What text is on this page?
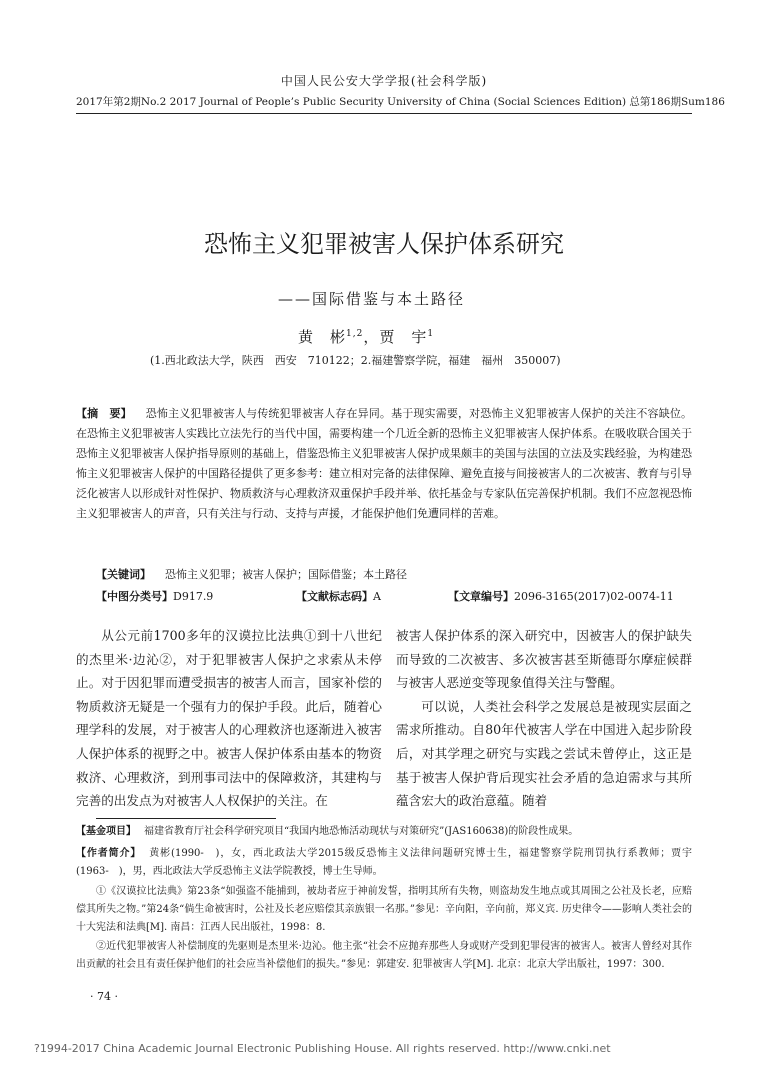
中国人民公安大学学报(社会科学版)
2017年第2期No.2 2017 Journal of People’s Public Security University of China (Social Sciences Edition) 总第186期Sum186
恐怖主义犯罪被害人保护体系研究
——国际借鉴与本土路径
黄　彬$^{1,2}$，贾　宇$^1$
(1.西北政法大学，陕西　西安　710122；2.福建警察学院，福建　福州　350007)
【摘　要】 恐怖主义犯罪被害人与传统犯罪被害人存在异同。基于现实需要，对恐怖主义犯罪被害人保护的关注不容缺位。在恐怖主义犯罪被害人实践比立法先行的当代中国，需要构建一个几近全新的恐怖主义犯罪被害人保护体系。在吸收联合国关于恐怖主义犯罪被害人保护指导原则的基础上，借鉴恐怖主义犯罪被害人保护成果颇丰的美国与法国的立法及实践经验，为构建恐怖主义犯罪被害人保护的中国路径提供了更多参考：建立相对完备的法律保障、避免直接与间接被害人的二次被害、教育与引导泛化被害人以形成针对性保护、物质救济与心理救济双重保护手段并举、依托基金与专家队伍完善保护机制。我们不应忽视恐怖主义犯罪被害人的声音，只有关注与行动、支持与声援，才能保护他们免遭同样的苦难。
【关键词】 恐怖主义犯罪；被害人保护；国际借鉴；本土路径
【中图分类号】D917.9	【文献标志码】A	【文章编号】2096-3165(2017)02-0074-11

从公元前1700多年的汉谟拉比法典①到十八世纪的杰里米·边沁②，对于犯罪被害人保护之求索从未停止。对于因犯罪而遭受损害的被害人而言，国家补偿的物质救济无疑是一个强有力的保护手段。此后，随着心理学科的发展，对于被害人的心理救济也逐渐进入被害人保护体系的视野之中。被害人保护体系由基本的物资救济、心理救济，到刑事司法中的保障救济，其建构与完善的出发点为对被害人人权保护的关注。在

被害人保护体系的深入研究中，因被害人的保护缺失而导致的二次被害、多次被害甚至斯德哥尔摩症候群与被害人恶逆变等现象值得关注与警醒。

可以说，人类社会科学之发展总是被现实层面之需求所推动。自80年代被害人学在中国进入起步阶段后，对其学理之研究与实践之尝试未曾停止，这正是基于被害人保护背后现实社会矛盾的急迫需求与其所蕴含宏大的政治意蕴。随着

【基金项目】 福建省教育厅社会科学研究项目“我国内地恐怖活动现状与对策研究”(JAS160638)的阶段性成果。
【作者简介】 黄彬(1990-　)，女，西北政法大学2015级反恐怖主义法律问题研究博士生，福建警察学院刑罚执行系教师；贾宇(1963-　)，男，西北政法大学反恐怖主义法学院教授，博士生导师。

①《汉谟拉比法典》第23条“如强盗不能捕到，被劫者应于神前发誓，指明其所有失物，则盗劫发生地点或其周围之公社及长老，应赔偿其所失之物。”第24条“倘生命被害时，公社及长老应赔偿其亲族银一名那。”参见：辛向阳，辛向前，郑义宾. 历史律令——影响人类社会的十大宪法和法典[M]. 南昌：江西人民出版社，1998：8.

②近代犯罪被害人补偿制度的先驱则是杰里米·边沁。他主张“社会不应抛弃那些人身或财产受到犯罪侵害的被害人。被害人曾经对其作出贡献的社会且有责任保护他们的社会应当补偿他们的损失。”参见：郭建安. 犯罪被害人学[M]. 北京：北京大学出版社，1997：300.

· 74 ·
?1994-2017 China Academic Journal Electronic Publishing House. All rights reserved. http://www.cnki.net
